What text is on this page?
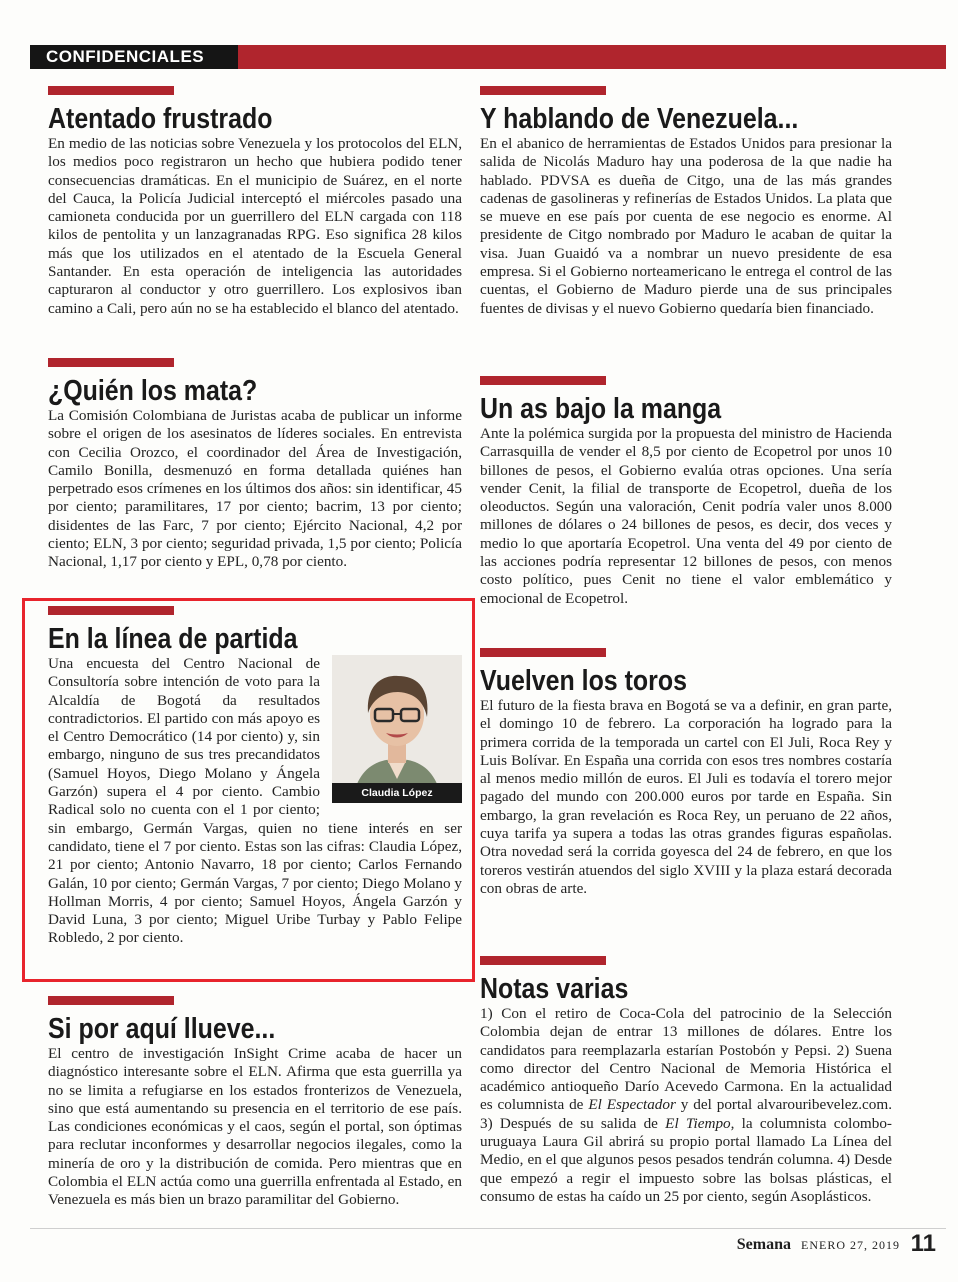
CONFIDENCIALES
Atentado frustrado

En medio de las noticias sobre Venezuela y los protocolos del ELN, los medios poco registraron un hecho que hubiera podido tener consecuencias dramáticas. En el municipio de Suárez, en el norte del Cauca, la Policía Judicial interceptó el miércoles pasado una camioneta conducida por un guerrillero del ELN cargada con 118 kilos de pentolita y un lanzagranadas RPG. Eso significa 28 kilos más que los utilizados en el atentado de la Escuela General Santander. En esta operación de inteligencia las autoridades capturaron al conductor y otro guerrillero. Los explosivos iban camino a Cali, pero aún no se ha establecido el blanco del atentado.

¿Quién los mata?

La Comisión Colombiana de Juristas acaba de publicar un informe sobre el origen de los asesinatos de líderes sociales. En entrevista con Cecilia Orozco, el coordinador del Área de Investigación, Camilo Bonilla, desmenuzó en forma detallada quiénes han perpetrado esos crímenes en los últimos dos años: sin identificar, 45 por ciento; paramilitares, 17 por ciento; bacrim, 13 por ciento; disidentes de las Farc, 7 por ciento; Ejército Nacional, 4,2 por ciento; ELN, 3 por ciento; seguridad privada, 1,5 por ciento; Policía Nacional, 1,17 por ciento y EPL, 0,78 por ciento.

En la línea de partida
Claudia López

Una encuesta del Centro Nacional de Consultoría sobre intención de voto para la Alcaldía de Bogotá da resultados contradictorios. El partido con más apoyo es el Centro Democrático (14 por ciento) y, sin embargo, ninguno de sus tres precandidatos (Samuel Hoyos, Diego Molano y Ángela Garzón) supera el 4 por ciento. Cambio Radical solo no cuenta con el 1 por ciento; sin embargo, Germán Vargas, quien no tiene interés en ser candidato, tiene el 7 por ciento. Estas son las cifras: Claudia López, 21 por ciento; Antonio Navarro, 18 por ciento; Carlos Fernando Galán, 10 por ciento; Germán Vargas, 7 por ciento; Diego Molano y Hollman Morris, 4 por ciento; Samuel Hoyos, Ángela Garzón y David Luna, 3 por ciento; Miguel Uribe Turbay y Pablo Felipe Robledo, 2 por ciento.

Si por aquí llueve...

El centro de investigación InSight Crime acaba de hacer un diagnóstico interesante sobre el ELN. Afirma que esta guerrilla ya no se limita a refugiarse en los estados fronterizos de Venezuela, sino que está aumentando su presencia en el territorio de ese país. Las condiciones económicas y el caos, según el portal, son óptimas para reclutar inconformes y desarrollar negocios ilegales, como la minería de oro y la distribución de comida. Pero mientras que en Colombia el ELN actúa como una guerrilla enfrentada al Estado, en Venezuela es más bien un brazo paramilitar del Gobierno.

Y hablando de Venezuela...

En el abanico de herramientas de Estados Unidos para presionar la salida de Nicolás Maduro hay una poderosa de la que nadie ha hablado. PDVSA es dueña de Citgo, una de las más grandes cadenas de gasolineras y refinerías de Estados Unidos. La plata que se mueve en ese país por cuenta de ese negocio es enorme. Al presidente de Citgo nombrado por Maduro le acaban de quitar la visa. Juan Guaidó va a nombrar un nuevo presidente de esa empresa. Si el Gobierno norteamericano le entrega el control de las cuentas, el Gobierno de Maduro pierde una de sus principales fuentes de divisas y el nuevo Gobierno quedaría bien financiado.

Un as bajo la manga

Ante la polémica surgida por la propuesta del ministro de Hacienda Carrasquilla de vender el 8,5 por ciento de Ecopetrol por unos 10 billones de pesos, el Gobierno evalúa otras opciones. Una sería vender Cenit, la filial de transporte de Ecopetrol, dueña de los oleoductos. Según una valoración, Cenit podría valer unos 8.000 millones de dólares o 24 billones de pesos, es decir, dos veces y medio lo que aportaría Ecopetrol. Una venta del 49 por ciento de las acciones podría representar 12 billones de pesos, con menos costo político, pues Cenit no tiene el valor emblemático y emocional de Ecopetrol.

Vuelven los toros

El futuro de la fiesta brava en Bogotá se va a definir, en gran parte, el domingo 10 de febrero. La corporación ha logrado para la primera corrida de la temporada un cartel con El Juli, Roca Rey y Luis Bolívar. En España una corrida con esos tres nombres costaría al menos medio millón de euros. El Juli es todavía el torero mejor pagado del mundo con 200.000 euros por tarde en España. Sin embargo, la gran revelación es Roca Rey, un peruano de 22 años, cuya tarifa ya supera a todas las otras grandes figuras españolas. Otra novedad será la corrida goyesca del 24 de febrero, en que los toreros vestirán atuendos del siglo XVIII y la plaza estará decorada con obras de arte.

Notas varias

1) Con el retiro de Coca-Cola del patrocinio de la Selección Colombia dejan de entrar 13 millones de dólares. Entre los candidatos para reemplazarla estarían Postobón y Pepsi. 2) Suena como director del Centro Nacional de Memoria Histórica el académico antioqueño Darío Acevedo Carmona. En la actualidad es columnista de El Espectador y del portal alvarouribevelez.com. 3) Después de su salida de El Tiempo, la columnista colombo-uruguaya Laura Gil abrirá su propio portal llamado La Línea del Medio, en el que algunos pesos pesados tendrán columna. 4) Desde que empezó a regir el impuesto sobre las bolsas plásticas, el consumo de estas ha caído un 25 por ciento, según Asoplásticos.

Semana ENERO 27, 2019 11
